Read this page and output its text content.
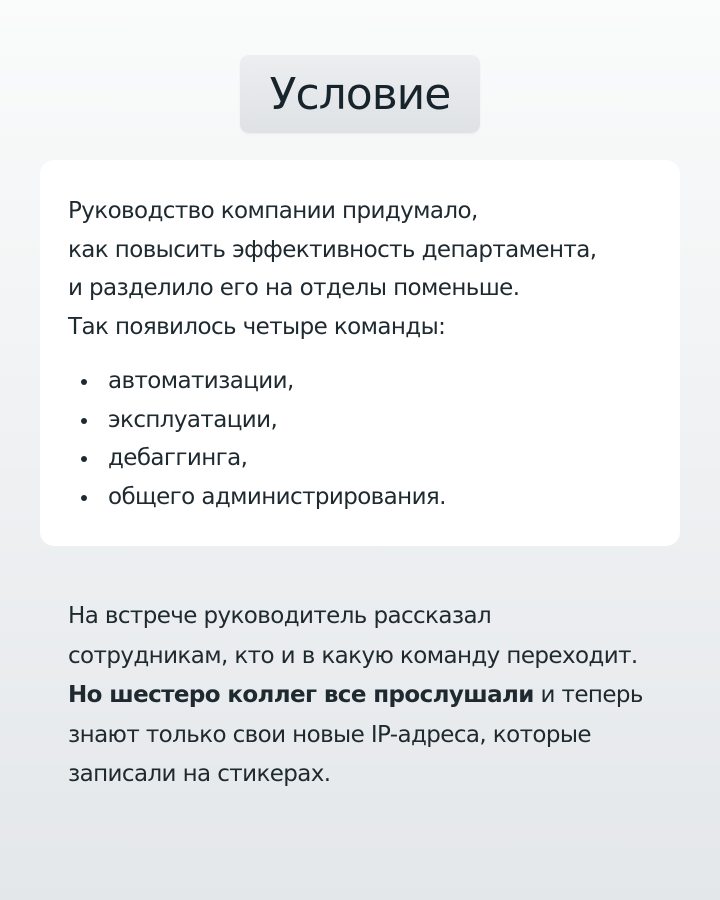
Условие
Руководство компании придумало,
как повысить эффективность департамента,
и разделило его на отделы поменьше.
Так появилось четыре команды:
автоматизации,
эксплуатации,
дебаггинга,
общего администрирования.
На встрече руководитель рассказал
сотрудникам, кто и в какую команду переходит.
Но шестеро коллег все прослушали и теперь
знают только свои новые IP-адреса, которые
записали на стикерах.
